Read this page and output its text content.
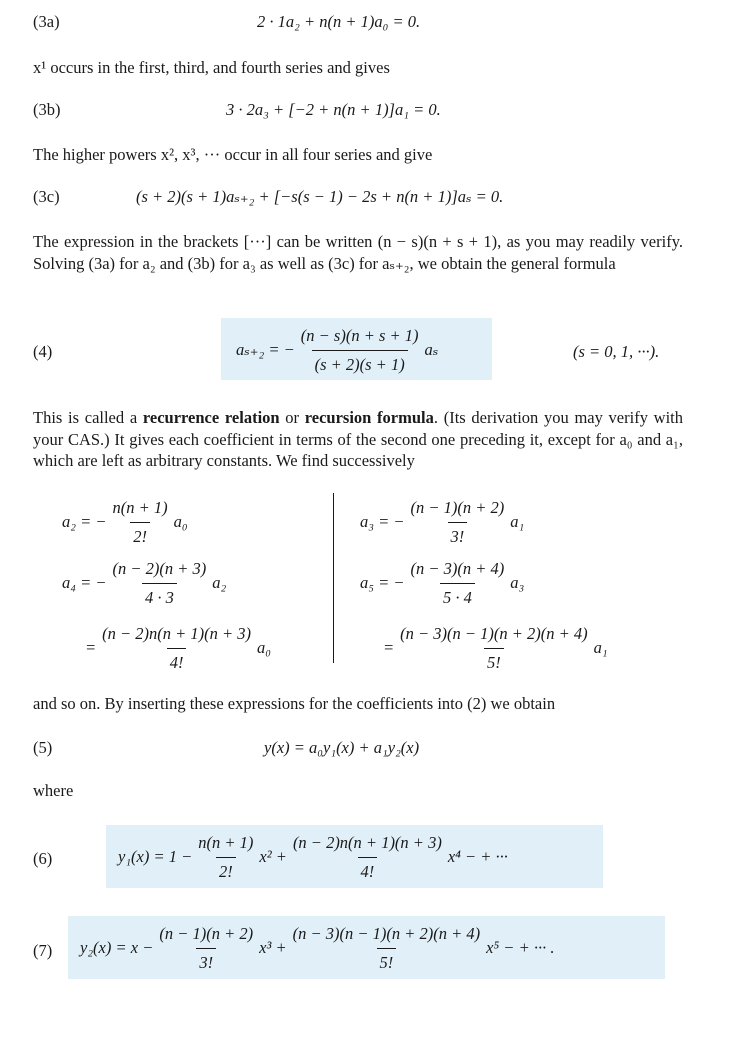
(3a)	2 · 1a₂ + n(n + 1)a₀ = 0.
x¹ occurs in the first, third, and fourth series and gives
(3b)	3 · 2a₃ + [−2 + n(n + 1)]a₁ = 0.
The higher powers x², x³, ··· occur in all four series and give
(3c)	(s + 2)(s + 1)aₛ₊₂ + [−s(s − 1) − 2s + n(n + 1)]aₛ = 0.
The expression in the brackets [···] can be written (n − s)(n + s + 1), as you may readily verify. Solving (3a) for a₂ and (3b) for a₃ as well as (3c) for aₛ₊₂, we obtain the general formula
(4)	aₛ₊₂ = − $\frac{(n - s)(n + s + 1)}{(s + 2)(s + 1)}$ aₛ	(s = 0, 1, ···).
This is called a recurrence relation or recursion formula. (Its derivation you may verify with your CAS.) It gives each coefficient in terms of the second one preceding it, except for a₀ and a₁, which are left as arbitrary constants. We find successively
a₂ = − $\frac{n(n + 1)}{2!} a_0$
a₄ = − $\frac{(n - 2)(n + 3)}{4 \cdot 3} a_2$
= $\frac{(n - 2)n(n + 1)(n + 3)}{4!} a_0$
a₃ = − $\frac{(n - 1)(n + 2)}{3!} a_1$
a₅ = − $\frac{(n - 3)(n + 4)}{5 \cdot 4} a_3$
= $\frac{(n - 3)(n - 1)(n + 2)(n + 4)}{5!} a_1$
and so on. By inserting these expressions for the coefficients into (2) we obtain
(5)	y(x) = a₀y₁(x) + a₁y₂(x)
where
(6)	$y_1(x) = 1 - \frac{n(n + 1)}{2!} x^2 + \frac{(n - 2)n(n + 1)(n + 3)}{4!} x^4$ − + ···
(7) $y_2(x) = x - \frac{(n - 1)(n + 2)}{3!} x^3 + \frac{(n - 3)(n - 1)(n + 2)(n + 4)}{5!} x^5$ − + ··· .
